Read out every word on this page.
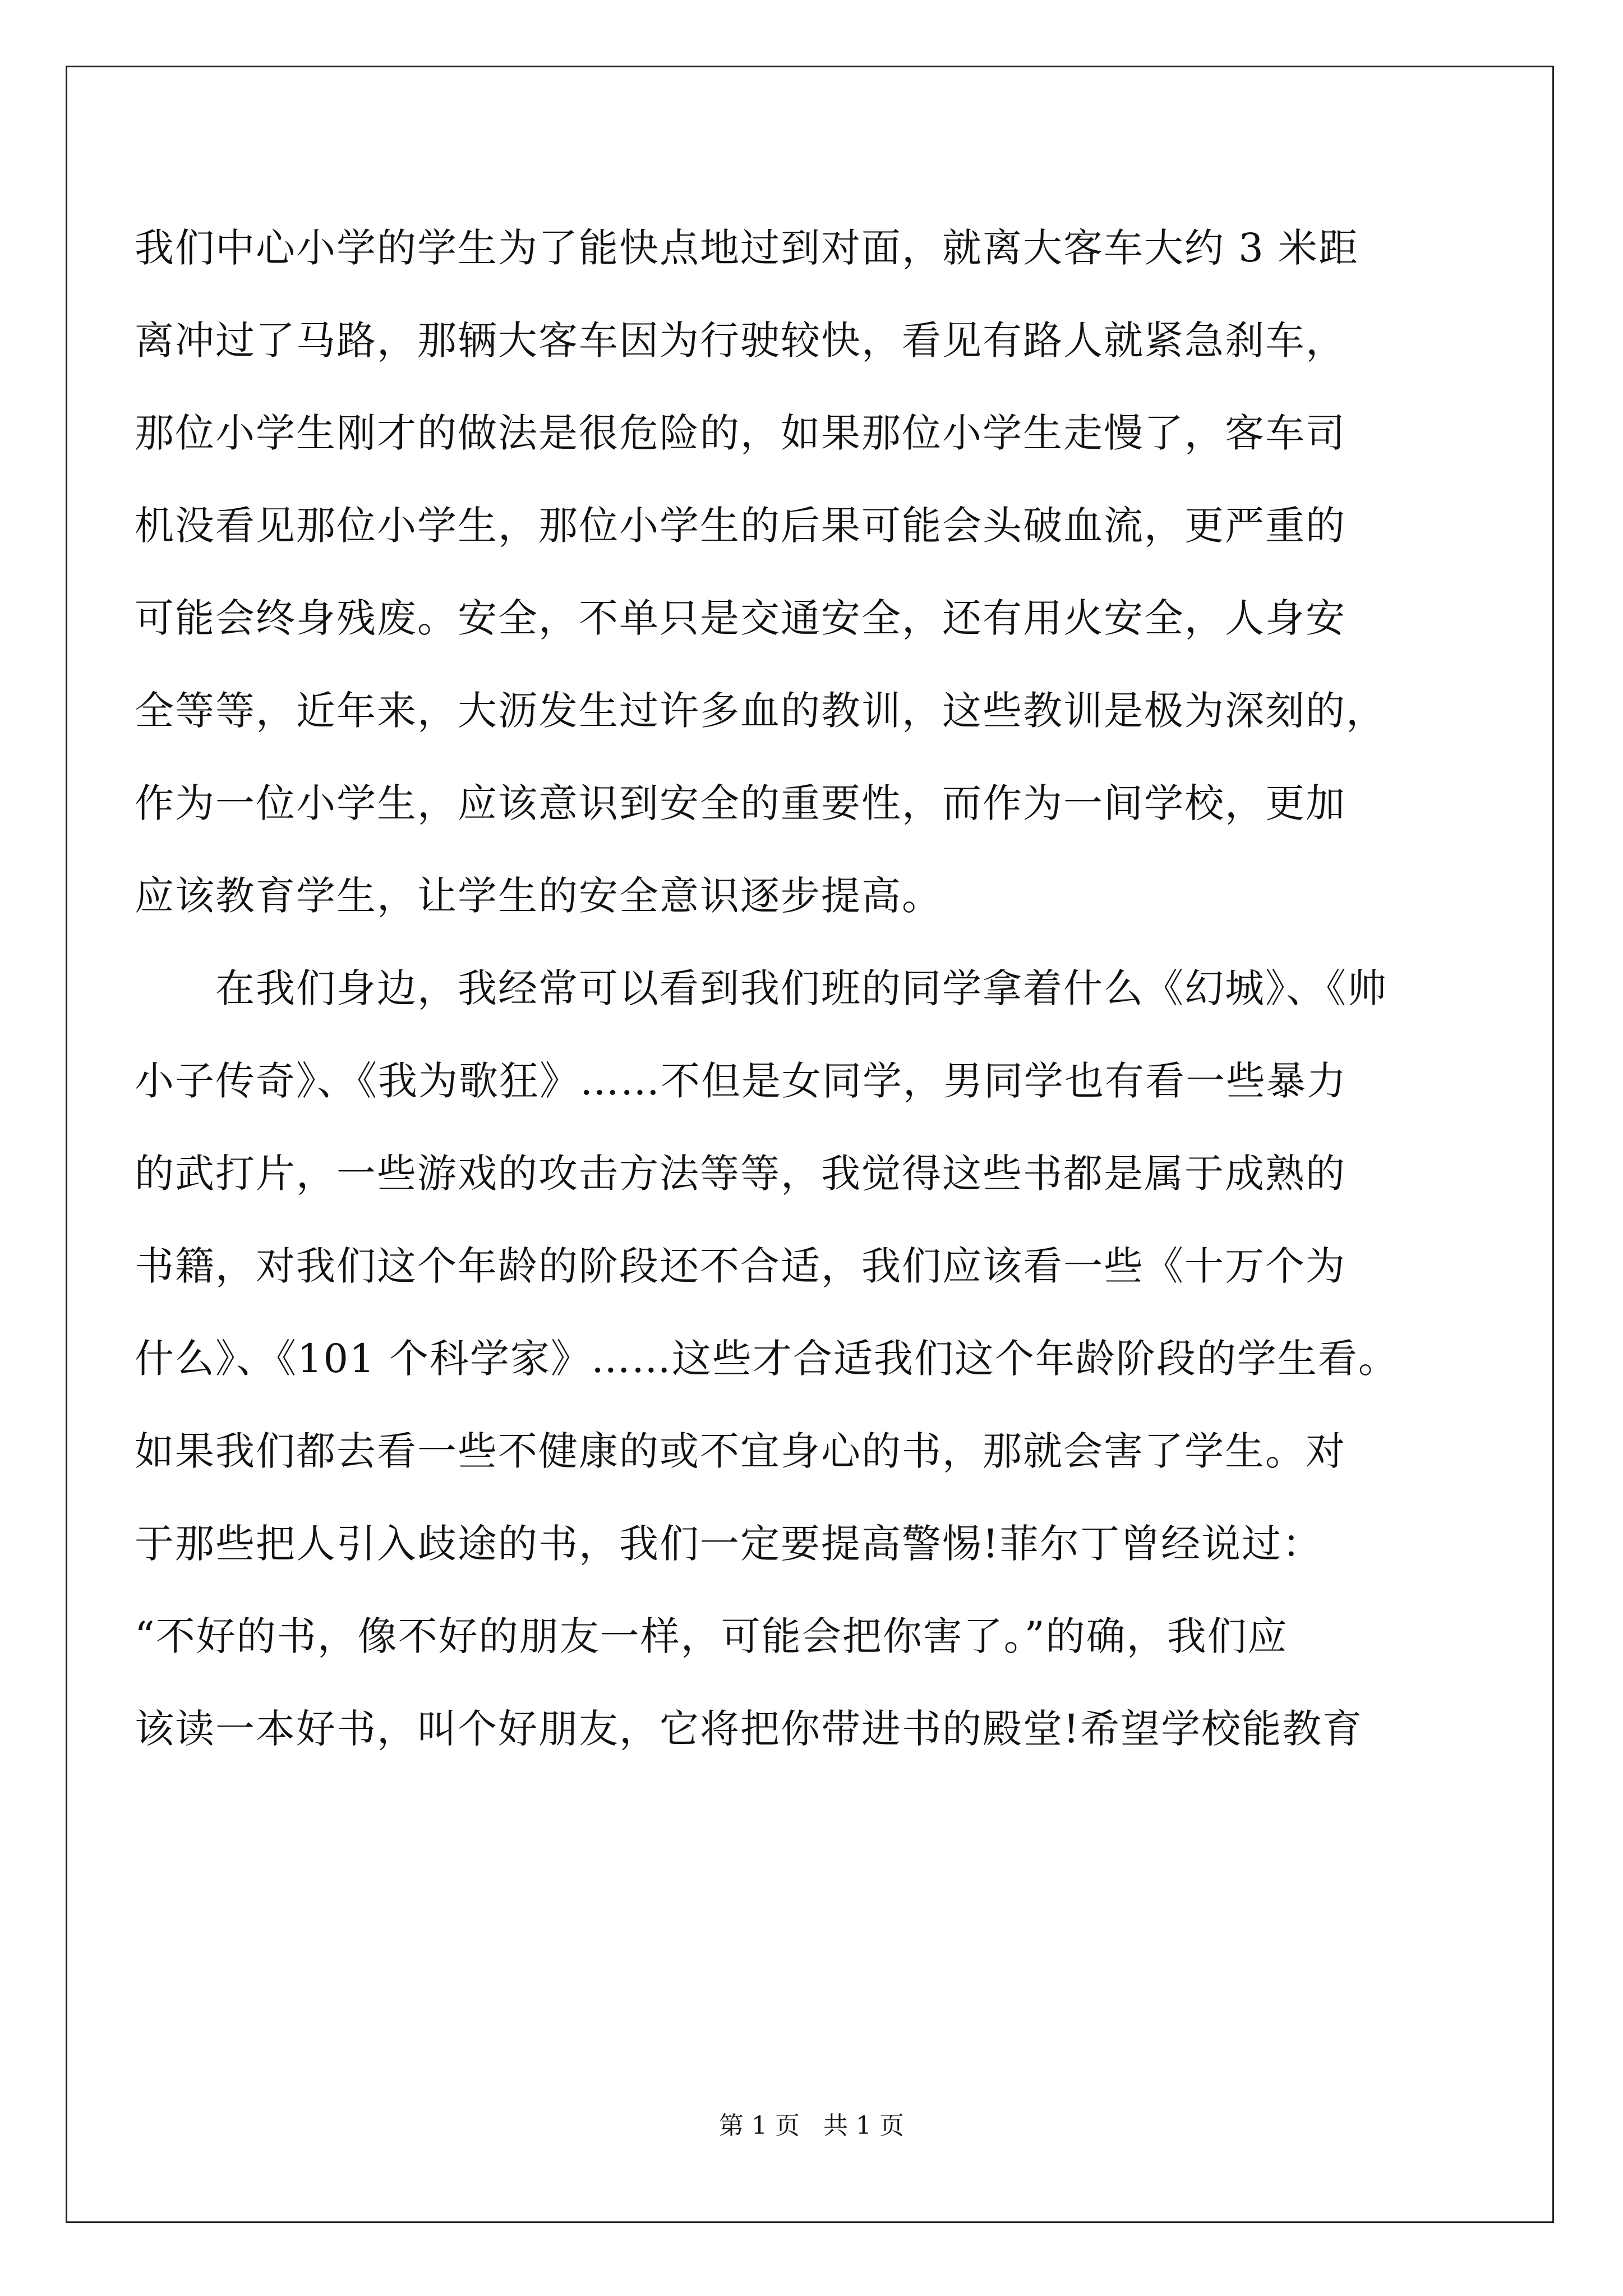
我们中心小学的学生为了能快点地过到对面，就离大客车大约 3 米距
离冲过了马路，那辆大客车因为行驶较快，看见有路人就紧急刹车，
那位小学生刚才的做法是很危险的，如果那位小学生走慢了，客车司
机没看见那位小学生，那位小学生的后果可能会头破血流，更严重的
可能会终身残废。安全，不单只是交通安全，还有用火安全，人身安
全等等，近年来，大沥发生过许多血的教训，这些教训是极为深刻的，
作为一位小学生，应该意识到安全的重要性，而作为一间学校，更加
应该教育学生，让学生的安全意识逐步提高。
　　在我们身边，我经常可以看到我们班的同学拿着什么《幻城》、《帅
小子传奇》、《我为歌狂》……不但是女同学，男同学也有看一些暴力
的武打片，一些游戏的攻击方法等等，我觉得这些书都是属于成熟的
书籍，对我们这个年龄的阶段还不合适，我们应该看一些《十万个为
什么》、《101 个科学家》……这些才合适我们这个年龄阶段的学生看。
如果我们都去看一些不健康的或不宜身心的书，那就会害了学生。对
于那些把人引入歧途的书，我们一定要提高警惕!菲尔丁曾经说过：
“不好的书，像不好的朋友一样，可能会把你害了。”的确，我们应
该读一本好书，叫个好朋友，它将把你带进书的殿堂!希望学校能教育
第 1 页   共 1 页
